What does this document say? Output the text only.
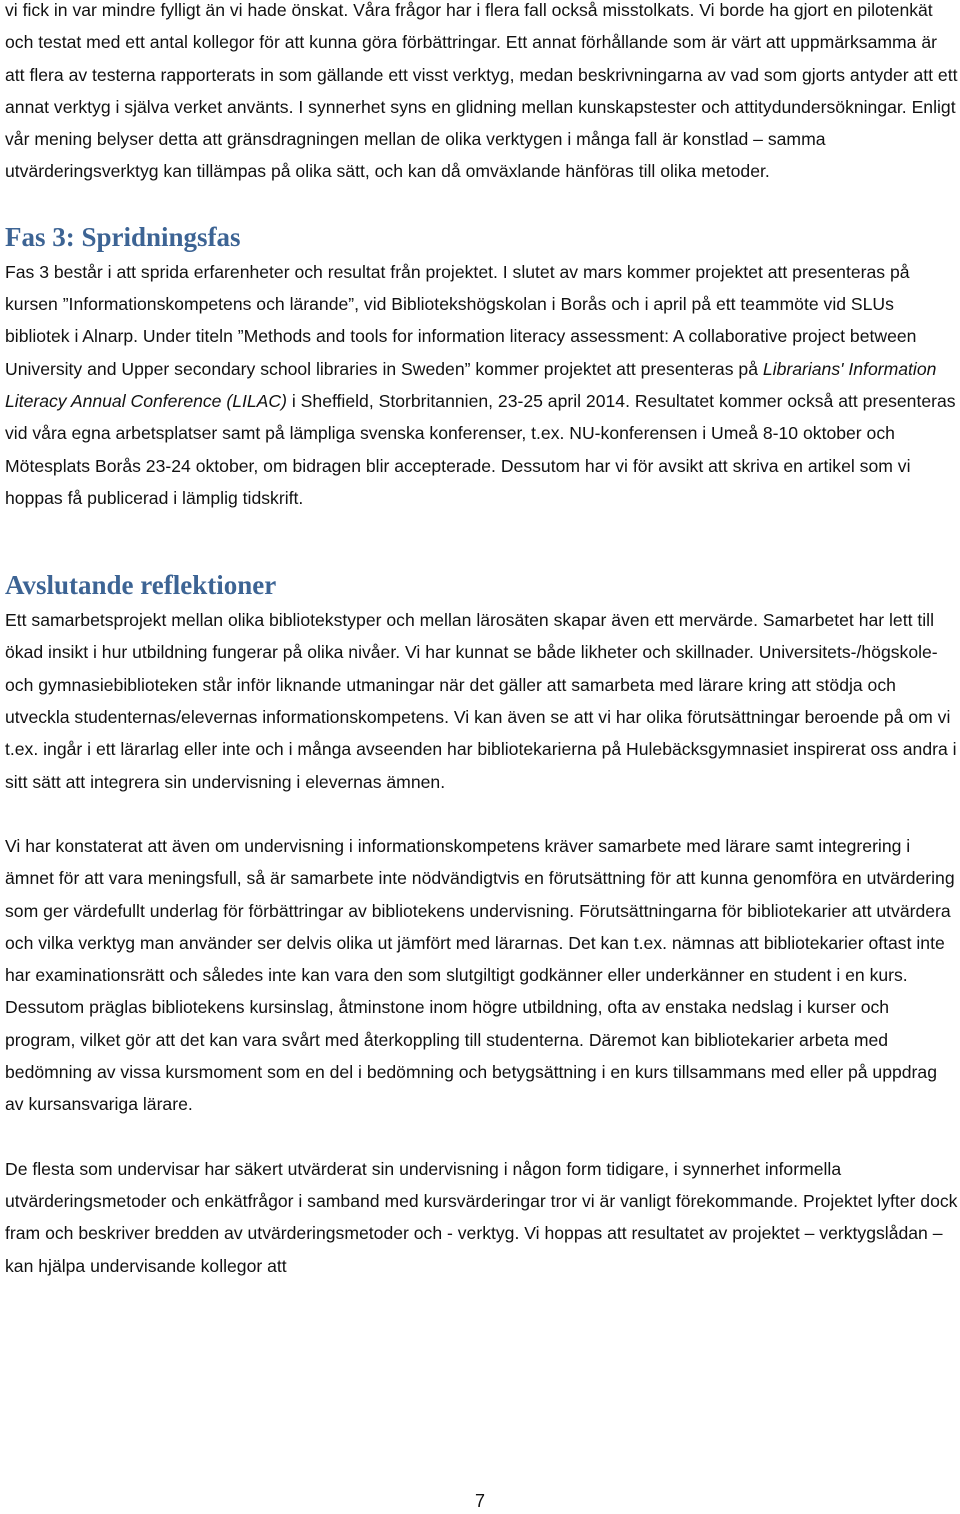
vi fick in var mindre fylligt än vi hade önskat. Våra frågor har i flera fall också misstolkats. Vi borde ha gjort en pilotenkät och testat med ett antal kollegor för att kunna göra förbättringar. Ett annat förhållande som är värt att uppmärksamma är att flera av testerna rapporterats in som gällande ett visst verktyg, medan beskrivningarna av vad som gjorts antyder att ett annat verktyg i själva verket använts. I synnerhet syns en glidning mellan kunskapstester och attitydundersökningar. Enligt vår mening belyser detta att gränsdragningen mellan de olika verktygen i många fall är konstlad – samma utvärderingsverktyg kan tillämpas på olika sätt, och kan då omväxlande hänföras till olika metoder.

Fas 3: Spridningsfas

Fas 3 består i att sprida erfarenheter och resultat från projektet. I slutet av mars kommer projektet att presenteras på kursen ”Informationskompetens och lärande”, vid Bibliotekshögskolan i Borås och i april på ett teammöte vid SLUs bibliotek i Alnarp. Under titeln ”Methods and tools for information literacy assessment: A collaborative project between University and Upper secondary school libraries in Sweden” kommer projektet att presenteras på Librarians' Information Literacy Annual Conference (LILAC) i Sheffield, Storbritannien, 23-25 april 2014. Resultatet kommer också att presenteras vid våra egna arbetsplatser samt på lämpliga svenska konferenser, t.ex. NU-konferensen i Umeå 8-10 oktober och Mötesplats Borås 23-24 oktober, om bidragen blir accepterade. Dessutom har vi för avsikt att skriva en artikel som vi hoppas få publicerad i lämplig tidskrift.

Avslutande reflektioner

Ett samarbetsprojekt mellan olika bibliotekstyper och mellan lärosäten skapar även ett mervärde. Samarbetet har lett till ökad insikt i hur utbildning fungerar på olika nivåer. Vi har kunnat se både likheter och skillnader. Universitets-/högskole- och gymnasiebiblioteken står inför liknande utmaningar när det gäller att samarbeta med lärare kring att stödja och utveckla studenternas/elevernas informationskompetens. Vi kan även se att vi har olika förutsättningar beroende på om vi t.ex. ingår i ett lärarlag eller inte och i många avseenden har bibliotekarierna på Hulebäcksgymnasiet inspirerat oss andra i sitt sätt att integrera sin undervisning i elevernas ämnen.

Vi har konstaterat att även om undervisning i informationskompetens kräver samarbete med lärare samt integrering i ämnet för att vara meningsfull, så är samarbete inte nödvändigtvis en förutsättning för att kunna genomföra en utvärdering som ger värdefullt underlag för förbättringar av bibliotekens undervisning. Förutsättningarna för bibliotekarier att utvärdera och vilka verktyg man använder ser delvis olika ut jämfört med lärarnas. Det kan t.ex. nämnas att bibliotekarier oftast inte har examinationsrätt och således inte kan vara den som slutgiltigt godkänner eller underkänner en student i en kurs. Dessutom präglas bibliotekens kursinslag, åtminstone inom högre utbildning, ofta av enstaka nedslag i kurser och program, vilket gör att det kan vara svårt med återkoppling till studenterna. Däremot kan bibliotekarier arbeta med bedömning av vissa kursmoment som en del i bedömning och betygsättning i en kurs tillsammans med eller på uppdrag av kursansvariga lärare.

De flesta som undervisar har säkert utvärderat sin undervisning i någon form tidigare, i synnerhet informella utvärderingsmetoder och enkätfrågor i samband med kursvärderingar tror vi är vanligt förekommande. Projektet lyfter dock fram och beskriver bredden av utvärderingsmetoder och - verktyg. Vi hoppas att resultatet av projektet – verktygslådan – kan hjälpa undervisande kollegor att

7
